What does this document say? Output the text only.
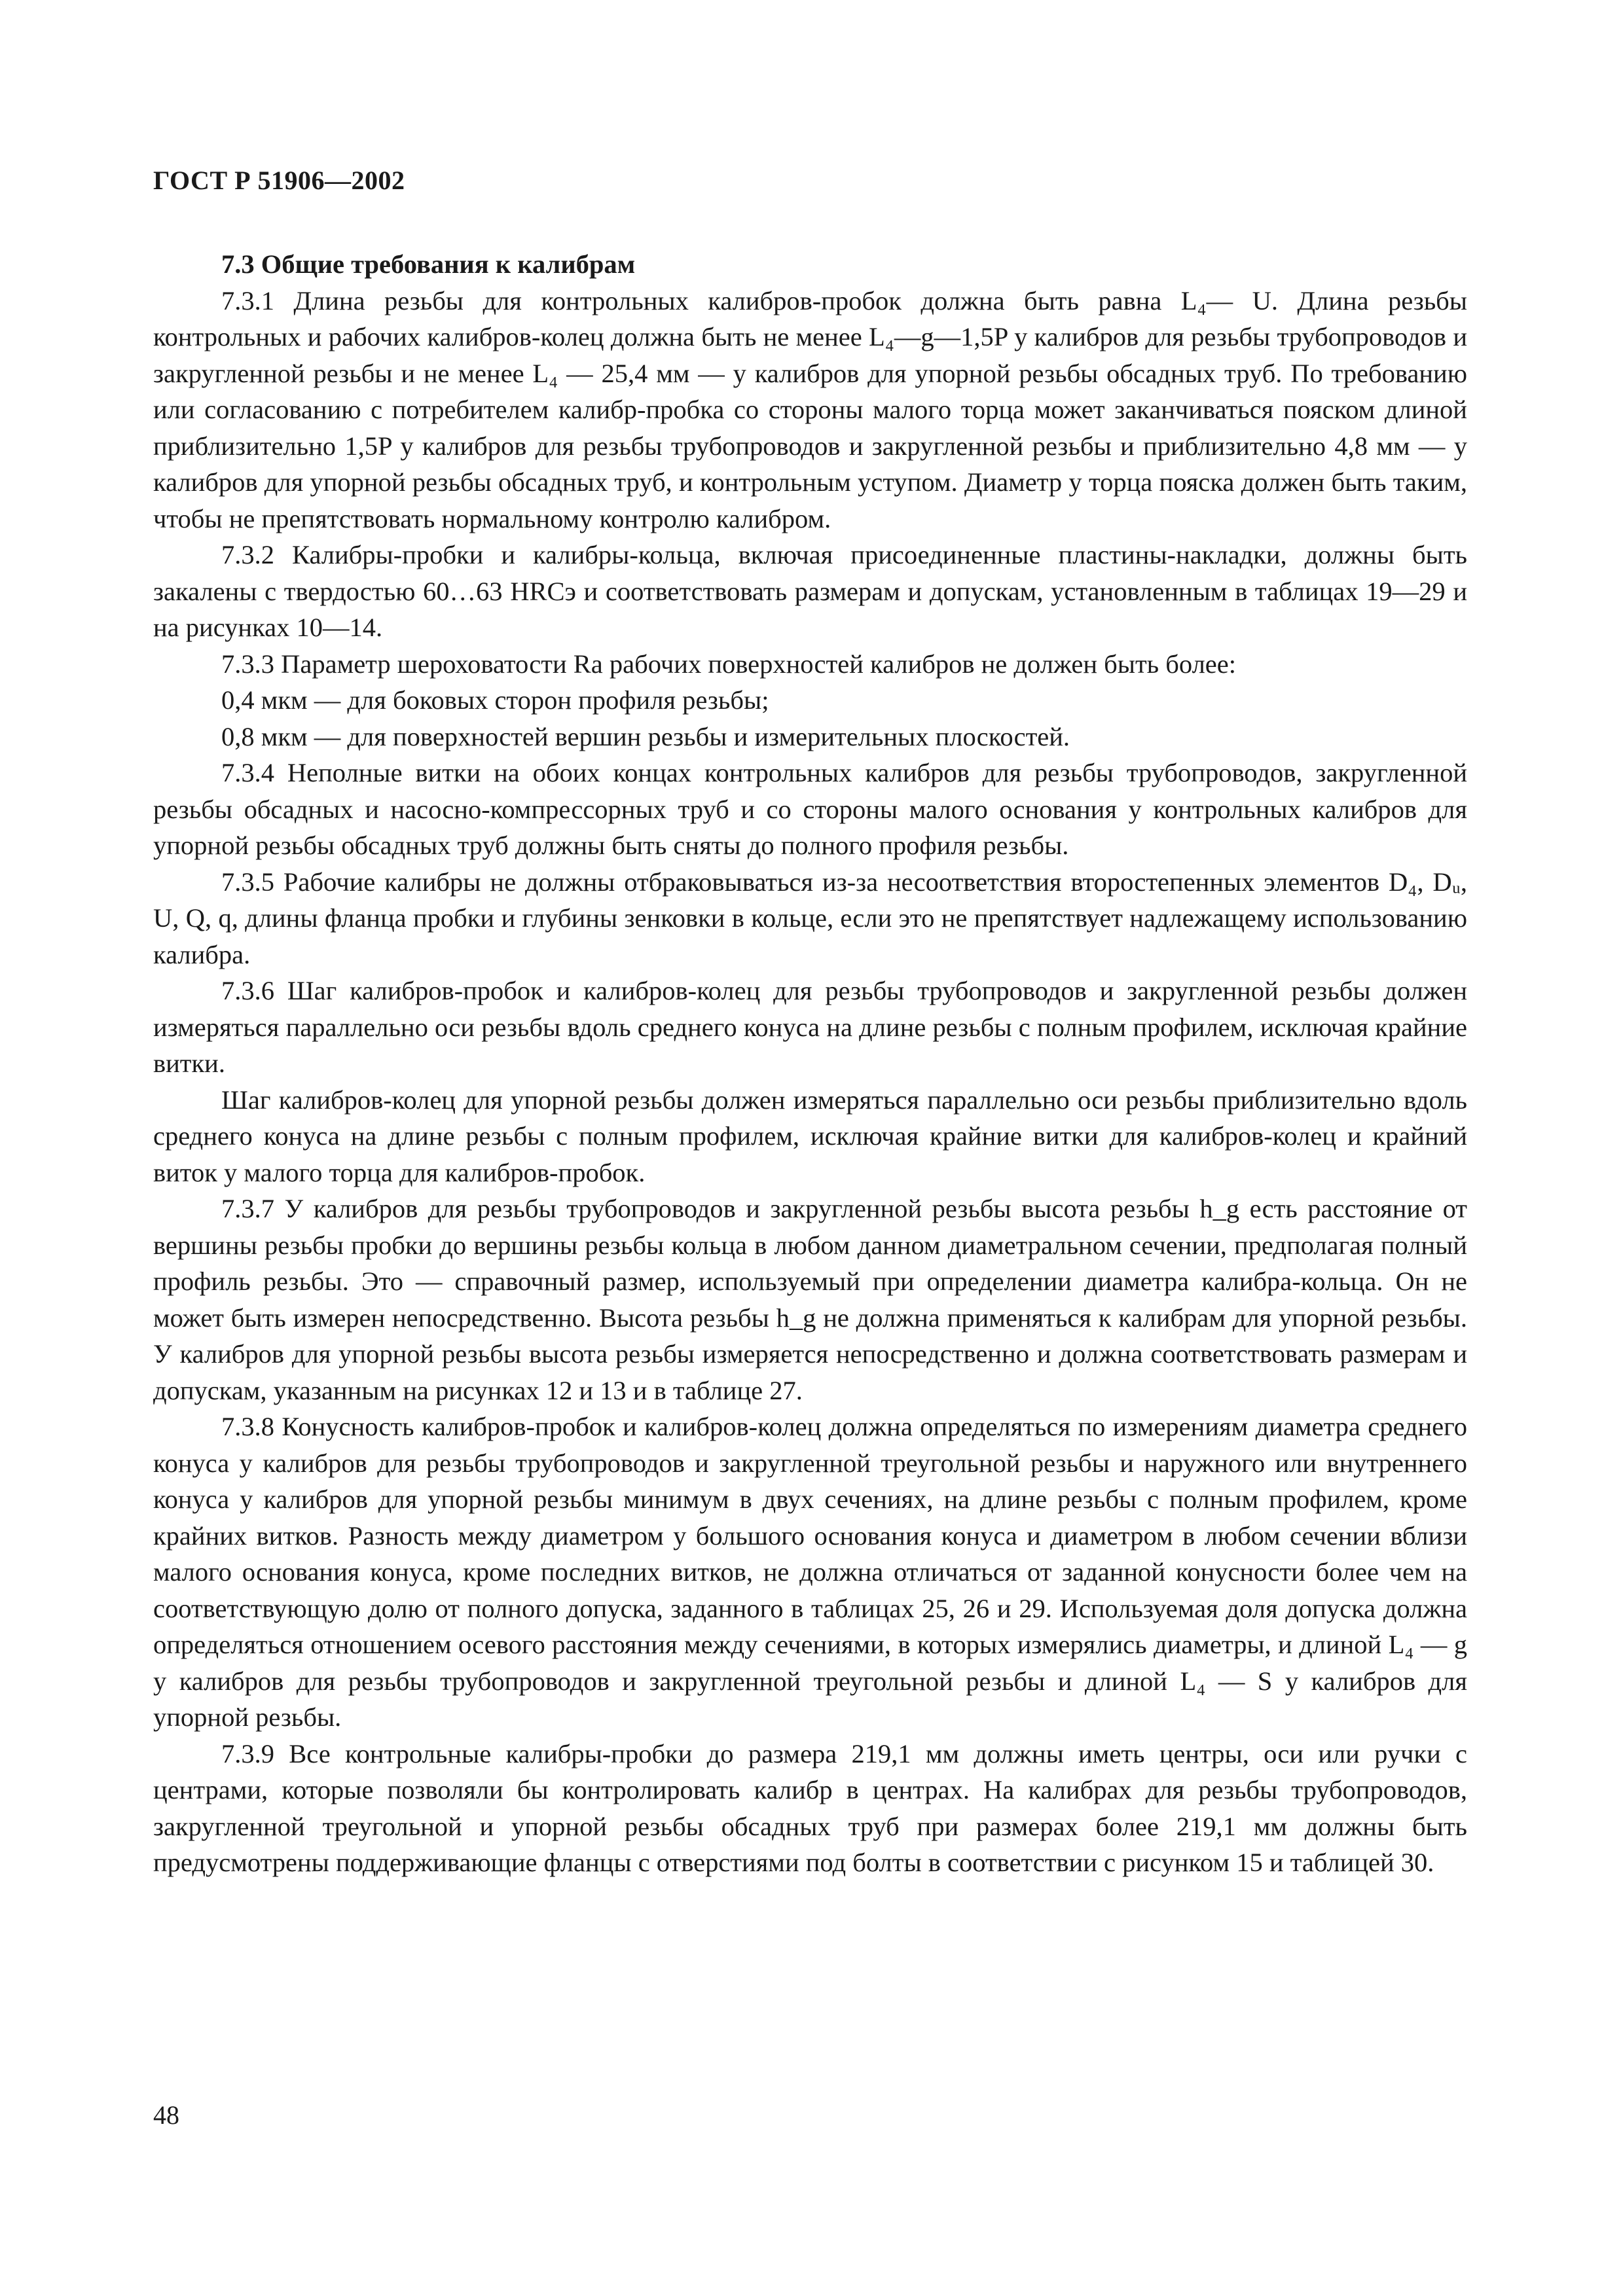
ГОСТ Р 51906—2002

7.3 Общие требования к калибрам

7.3.1 Длина резьбы для контрольных калибров-пробок должна быть равна L₄— U. Длина резьбы контрольных и рабочих калибров-колец должна быть не менее L₄—g—1,5P у калибров для резьбы трубопроводов и закругленной резьбы и не менее L₄ — 25,4 мм — у калибров для упорной резьбы обсадных труб. По требованию или согласованию с потребителем калибр-пробка со стороны малого торца может заканчиваться пояском длиной приблизительно 1,5P у калибров для резьбы трубопроводов и закругленной резьбы и приблизительно 4,8 мм — у калибров для упорной резьбы обсадных труб, и контрольным уступом. Диаметр у торца пояска должен быть таким, чтобы не препятствовать нормальному контролю калибром.

7.3.2 Калибры-пробки и калибры-кольца, включая присоединенные пластины-накладки, должны быть закалены с твердостью 60…63 HRCэ и соответствовать размерам и допускам, установленным в таблицах 19—29 и на рисунках 10—14.

7.3.3 Параметр шероховатости Ra рабочих поверхностей калибров не должен быть более:

0,4 мкм — для боковых сторон профиля резьбы;

0,8 мкм — для поверхностей вершин резьбы и измерительных плоскостей.

7.3.4 Неполные витки на обоих концах контрольных калибров для резьбы трубопроводов, закругленной резьбы обсадных и насосно-компрессорных труб и со стороны малого основания у контрольных калибров для упорной резьбы обсадных труб должны быть сняты до полного профиля резьбы.

7.3.5 Рабочие калибры не должны отбраковываться из-за несоответствия второстепенных элементов D₄, Dᵤ, U, Q, q, длины фланца пробки и глубины зенковки в кольце, если это не препятствует надлежащему использованию калибра.

7.3.6 Шаг калибров-пробок и калибров-колец для резьбы трубопроводов и закругленной резьбы должен измеряться параллельно оси резьбы вдоль среднего конуса на длине резьбы с полным профилем, исключая крайние витки.

Шаг калибров-колец для упорной резьбы должен измеряться параллельно оси резьбы приблизительно вдоль среднего конуса на длине резьбы с полным профилем, исключая крайние витки для калибров-колец и крайний виток у малого торца для калибров-пробок.

7.3.7 У калибров для резьбы трубопроводов и закругленной резьбы высота резьбы h_g есть расстояние от вершины резьбы пробки до вершины резьбы кольца в любом данном диаметральном сечении, предполагая полный профиль резьбы. Это — справочный размер, используемый при определении диаметра калибра-кольца. Он не может быть измерен непосредственно. Высота резьбы h_g не должна применяться к калибрам для упорной резьбы. У калибров для упорной резьбы высота резьбы измеряется непосредственно и должна соответствовать размерам и допускам, указанным на рисунках 12 и 13 и в таблице 27.

7.3.8 Конусность калибров-пробок и калибров-колец должна определяться по измерениям диаметра среднего конуса у калибров для резьбы трубопроводов и закругленной треугольной резьбы и наружного или внутреннего конуса у калибров для упорной резьбы минимум в двух сечениях, на длине резьбы с полным профилем, кроме крайних витков. Разность между диаметром у большого основания конуса и диаметром в любом сечении вблизи малого основания конуса, кроме последних витков, не должна отличаться от заданной конусности более чем на соответствующую долю от полного допуска, заданного в таблицах 25, 26 и 29. Используемая доля допуска должна определяться отношением осевого расстояния между сечениями, в которых измерялись диаметры, и длиной L₄ — g у калибров для резьбы трубопроводов и закругленной треугольной резьбы и длиной L₄ — S у калибров для упорной резьбы.

7.3.9 Все контрольные калибры-пробки до размера 219,1 мм должны иметь центры, оси или ручки с центрами, которые позволяли бы контролировать калибр в центрах. На калибрах для резьбы трубопроводов, закругленной треугольной и упорной резьбы обсадных труб при размерах более 219,1 мм должны быть предусмотрены поддерживающие фланцы с отверстиями под болты в соответствии с рисунком 15 и таблицей 30.

48
